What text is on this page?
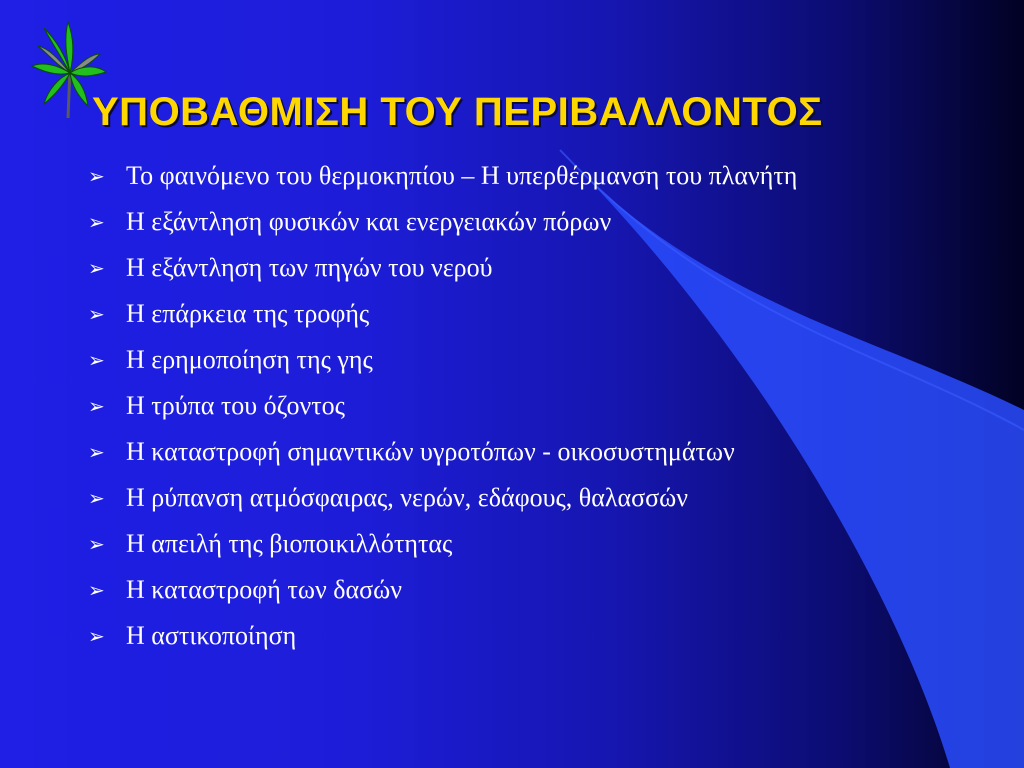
ΥΠΟΒΑΘΜΙΣΗ ΤΟΥ ΠΕΡΙΒΑΛΛΟΝΤΟΣ
➢ Το φαινόμενο του θερμοκηπίου – Η υπερθέρμανση του πλανήτη
➢ Η εξάντληση φυσικών και ενεργειακών πόρων
➢ Η εξάντληση των πηγών του νερού
➢ Η επάρκεια της τροφής
➢ Η ερημοποίηση της γης
➢ Η τρύπα του όζοντος
➢ Η καταστροφή σημαντικών υγροτόπων - οικοσυστημάτων
➢ Η ρύπανση ατμόσφαιρας, νερών, εδάφους, θαλασσών
➢ Η απειλή της βιοποικιλλότητας
➢ Η καταστροφή των δασών
➢ Η αστικοποίηση
